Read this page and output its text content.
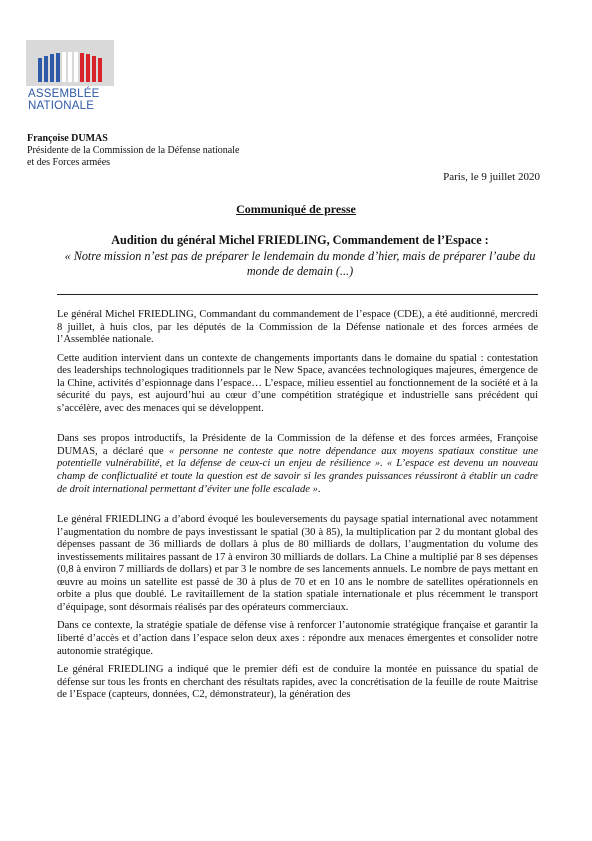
ASSEMBLÉE
NATIONALE
Françoise DUMAS
Présidente de la Commission de la Défense nationale
et des Forces armées
Paris, le 9 juillet 2020
Communiqué de presse
Audition du général Michel FRIEDLING, Commandement de l’Espace :
« Notre mission n’est pas de préparer le lendemain du monde d’hier, mais de préparer l’aube du monde de demain (...)

Le général Michel FRIEDLING, Commandant du commandement de l’espace (CDE), a été auditionné, mercredi 8 juillet, à huis clos, par les députés de la Commission de la Défense nationale et des forces armées de l’Assemblée nationale.

Cette audition intervient dans un contexte de changements importants dans le domaine du spatial : contestation des leaderships technologiques traditionnels par le New Space, avancées technologiques majeures, émergence de la Chine, activités d’espionnage dans l’espace… L’espace, milieu essentiel au fonctionnement de la société et à la sécurité du pays, est aujourd’hui au cœur d’une compétition stratégique et industrielle sans précédent qui s’accélère, avec des menaces qui se développent.

Dans ses propos introductifs, la Présidente de la Commission de la défense et des forces armées, Françoise DUMAS, a déclaré que « personne ne conteste que notre dépendance aux moyens spatiaux constitue une potentielle vulnérabilité, et la défense de ceux-ci un enjeu de résilience ». « L’espace est devenu un nouveau champ de conflictualité et toute la question est de savoir si les grandes puissances réussiront à établir un cadre de droit international permettant d’éviter une folle escalade ».

Le général FRIEDLING a d’abord évoqué les bouleversements du paysage spatial international avec notamment l’augmentation du nombre de pays investissant le spatial (30 à 85), la multiplication par 2 du montant global des dépenses passant de 36 milliards de dollars à plus de 80 milliards de dollars, l’augmentation du volume des investissements militaires passant de 17 à environ 30 milliards de dollars. La Chine a multiplié par 8 ses dépenses (0,8 à environ 7 milliards de dollars) et par 3 le nombre de ses lancements annuels. Le nombre de pays mettant en œuvre au moins un satellite est passé de 30 à plus de 70 et en 10 ans le nombre de satellites opérationnels en orbite a plus que doublé. Le ravitaillement de la station spatiale internationale et plus récemment le transport d’équipage, sont désormais réalisés par des opérateurs commerciaux.

Dans ce contexte, la stratégie spatiale de défense vise à renforcer l’autonomie stratégique française et garantir la liberté d’accès et d’action dans l’espace selon deux axes : répondre aux menaces émergentes et consolider notre autonomie stratégique.

Le général FRIEDLING a indiqué que le premier défi est de conduire la montée en puissance du spatial de défense sur tous les fronts en cherchant des résultats rapides, avec la concrétisation de la feuille de route Maitrise de l’Espace (capteurs, données, C2, démonstrateur), la génération des
